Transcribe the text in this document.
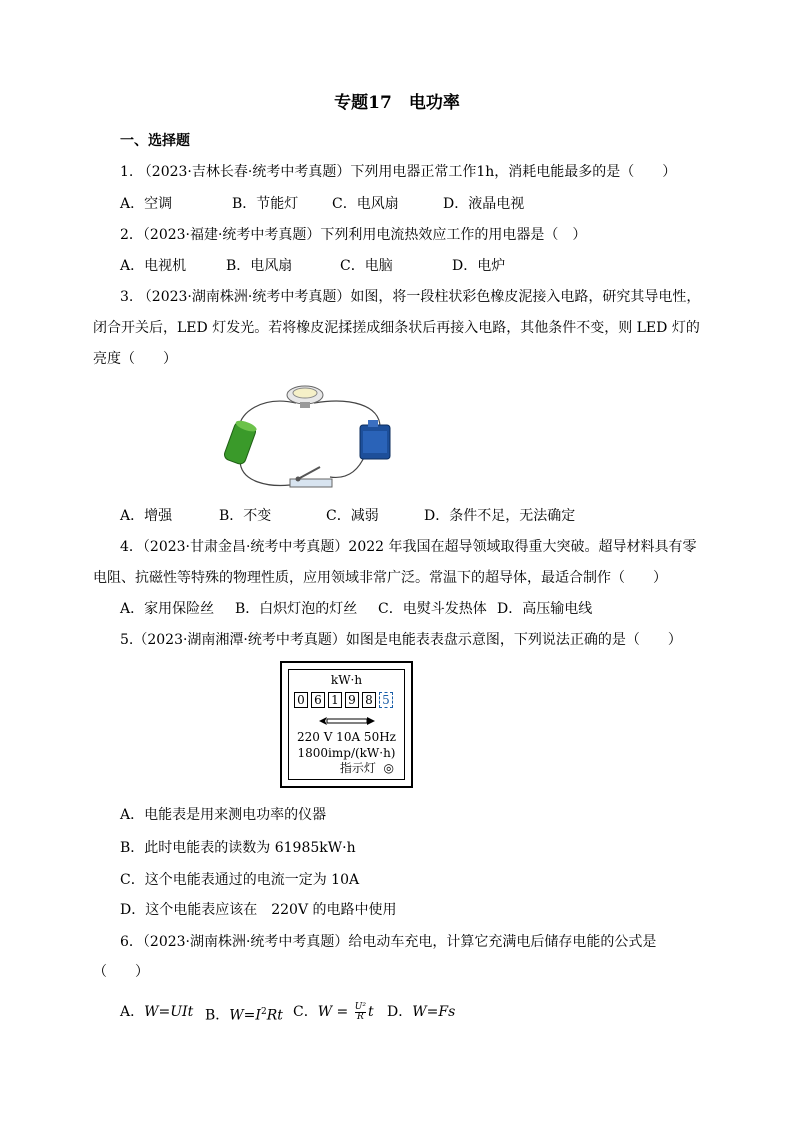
专题17　电功率
一、选择题
1. （2023·吉林长春·统考中考真题）下列用电器正常工作1h，消耗电能最多的是（　　）
A．空调	B．节能灯 C．电风扇	D．液晶电视
2．（2023·福建·统考中考真题）下列利用电流热效应工作的用电器是（　）
A．电视机	B．电风扇	C．电脑	D．电炉
3. （2023·湖南株洲·统考中考真题）如图，将一段柱状彩色橡皮泥接入电路，研究其导电性，
闭合开关后，LED 灯发光。若将橡皮泥揉搓成细条状后再接入电路，其他条件不变，则 LED 灯的
亮度（　　）
A．增强	B．不变	C．减弱	D．条件不足，无法确定
4．（2023·甘肃金昌·统考中考真题）2022 年我国在超导领域取得重大突破。超导材料具有零
电阻、抗磁性等特殊的物理性质，应用领域非常广泛。常温下的超导体，最适合制作（　　）
A．家用保险丝 B．白炽灯泡的灯丝 C．电熨斗发热体 D．高压输电线
5.（2023·湖南湘潭·统考中考真题）如图是电能表表盘示意图，下列说法正确的是（　　）
kW·h
0 6 1 9 8 5
220 V 10A 50Hz
1800imp/(kW·h)
指示灯 ◎
A．电能表是用来测电功率的仪器
B．此时电能表的读数为 61985kW·h
C．这个电能表通过的电流一定为 10A
D．这个电能表应该在　220V 的电路中使用
6．（2023·湖南株洲·统考中考真题）给电动车充电，计算它充满电后储存电能的公式是
（　　）
A．W=UIt B．$W=I^2Rt$ C．$W = \frac{\text{U²}}{R}$ t D．W=Fs
